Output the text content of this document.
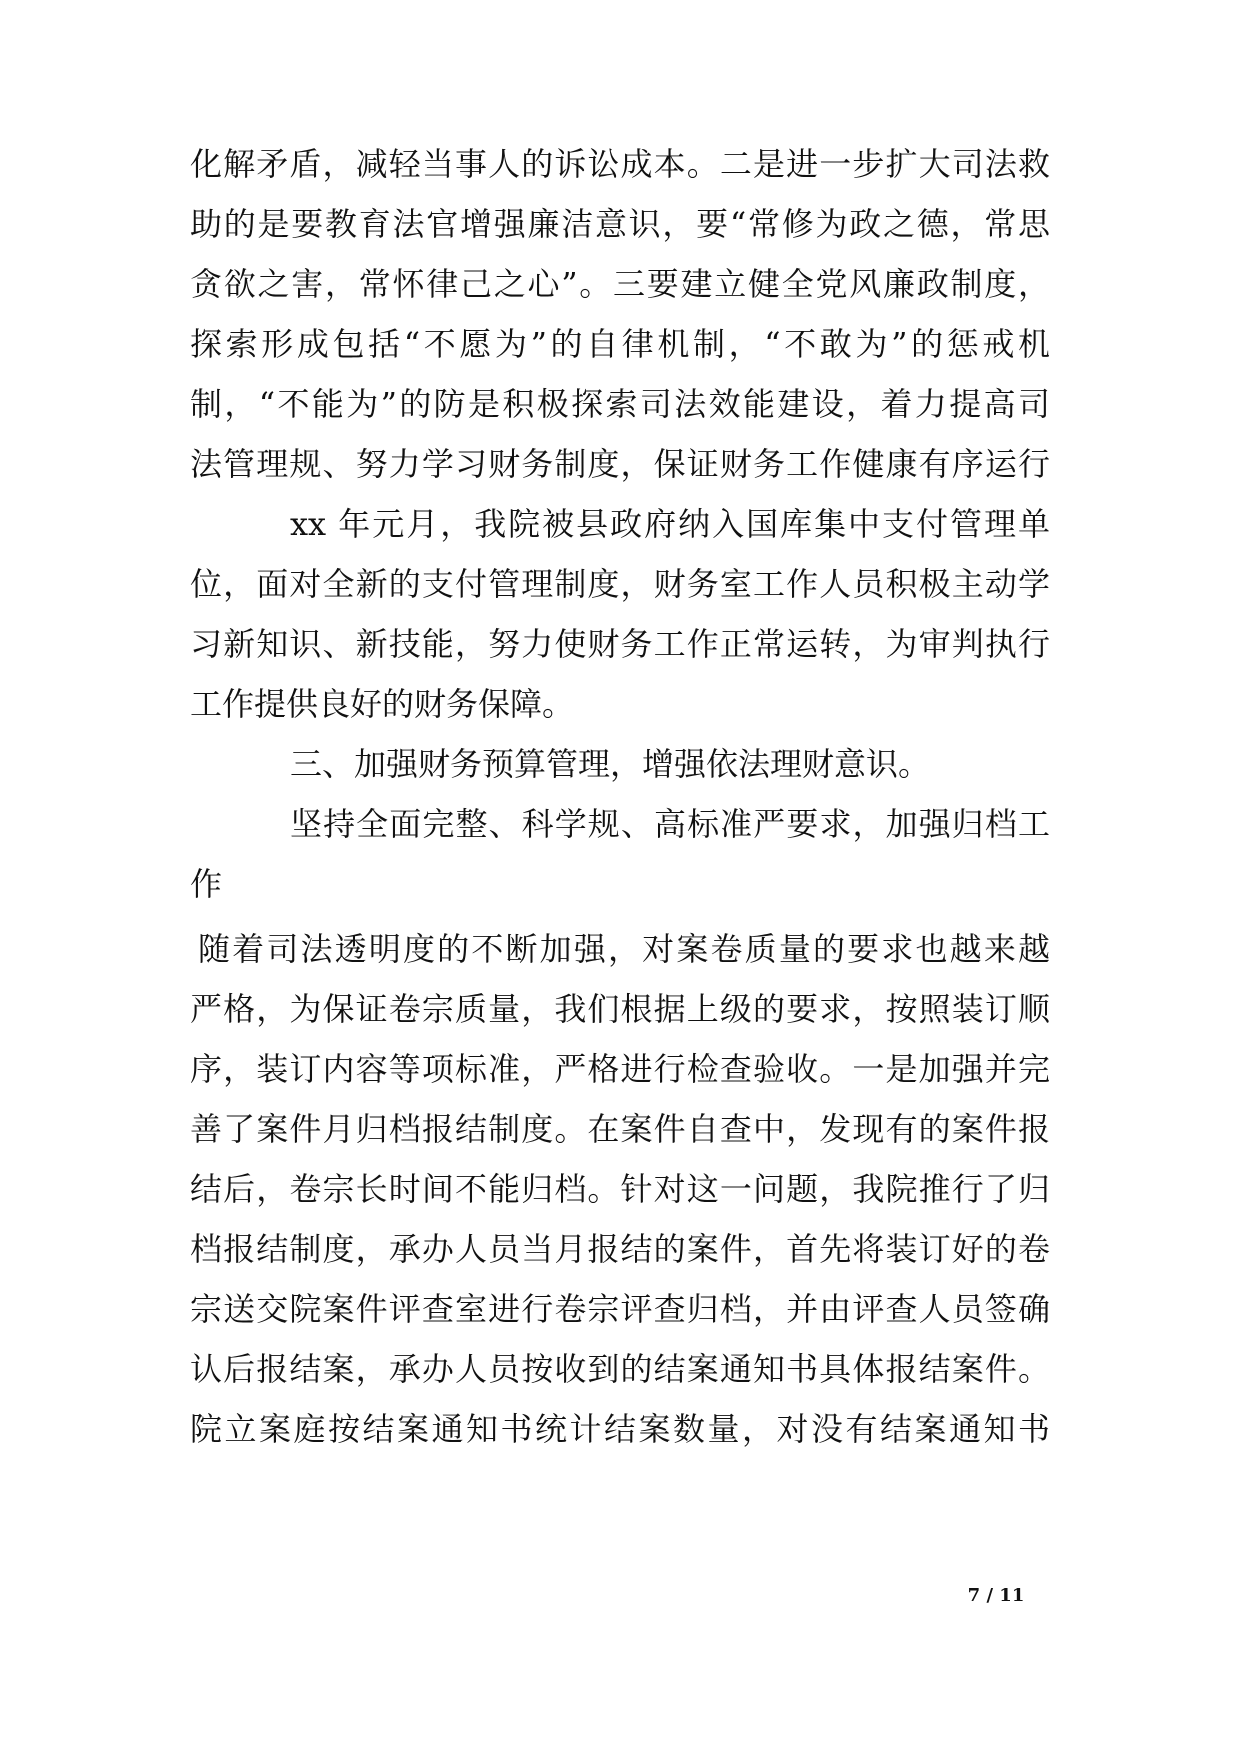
化解矛盾，减轻当事人的诉讼成本。二是进一步扩大司法救
助的是要教育法官增强廉洁意识，要“常修为政之德，常思
贪欲之害，常怀律己之心”。三要建立健全党风廉政制度，
探索形成包括“不愿为”的自律机制，“不敢为”的惩戒机
制，“不能为”的防是积极探索司法效能建设，着力提高司
法管理规、努力学习财务制度，保证财务工作健康有序运行
xx 年元月，我院被县政府纳入国库集中支付管理单
位，面对全新的支付管理制度，财务室工作人员积极主动学
习新知识、新技能，努力使财务工作正常运转，为审判执行
工作提供良好的财务保障。
三、加强财务预算管理，增强依法理财意识。
坚持全面完整、科学规、高标准严要求，加强归档工
作
随着司法透明度的不断加强，对案卷质量的要求也越来越
严格，为保证卷宗质量，我们根据上级的要求，按照装订顺
序，装订内容等项标准，严格进行检查验收。一是加强并完
善了案件月归档报结制度。在案件自查中，发现有的案件报
结后，卷宗长时间不能归档。针对这一问题，我院推行了归
档报结制度，承办人员当月报结的案件，首先将装订好的卷
宗送交院案件评查室进行卷宗评查归档，并由评查人员签确
认后报结案，承办人员按收到的结案通知书具体报结案件。
院立案庭按结案通知书统计结案数量，对没有结案通知书
7 / 11
